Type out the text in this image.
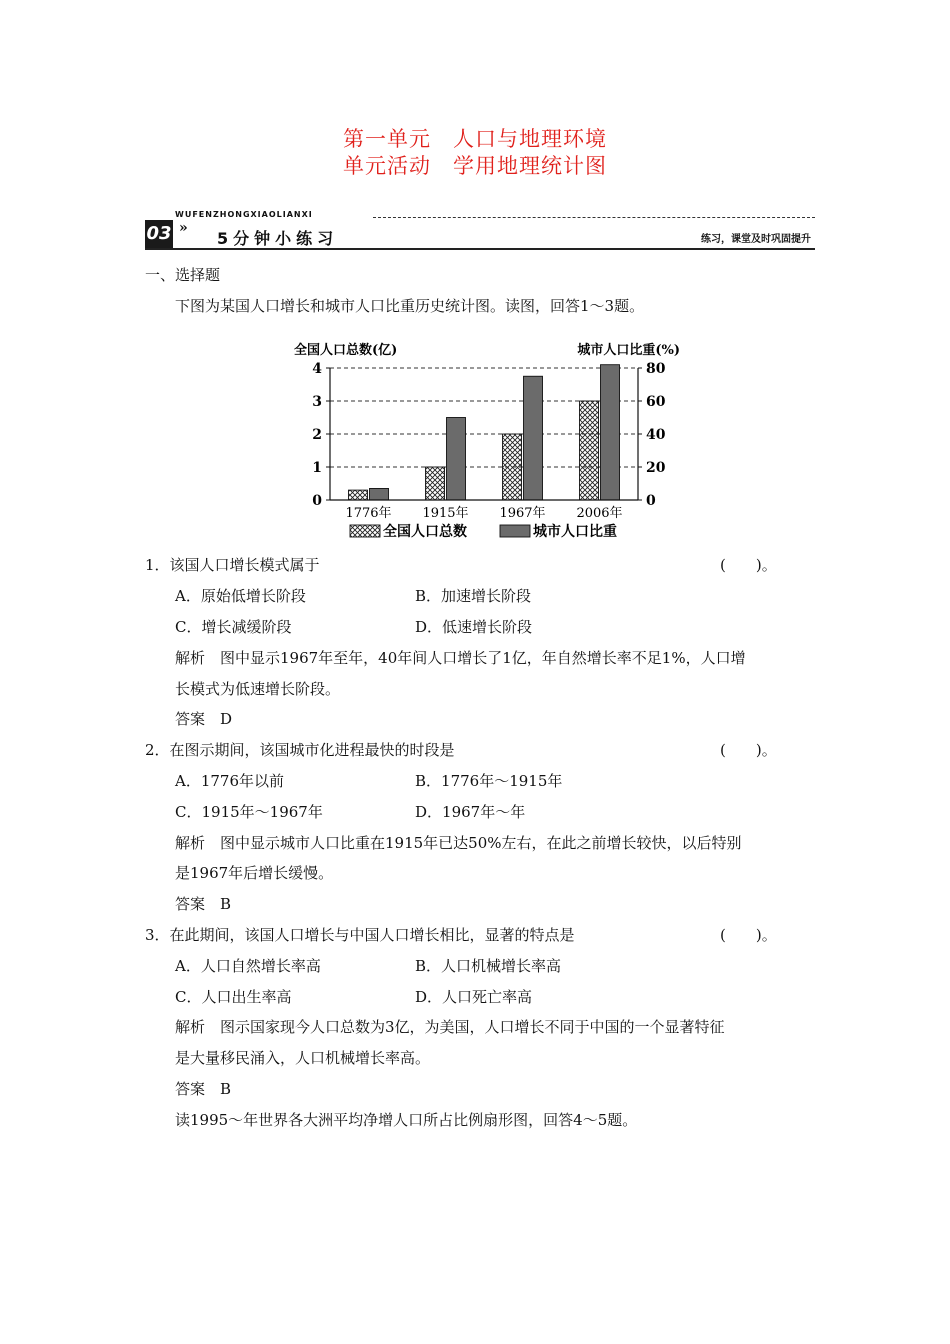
第一单元　人口与地理环境
单元活动　学用地理统计图
WUFENZHONGXIAOLIANXI
03 »
5分钟小练习	练习，课堂及时巩固提升
一、选择题
下图为某国人口增长和城市人口比重历史统计图。读图，回答1～3题。
全国人口总数(亿)	城市人口比重(%)
0
1
2
3
4
0
20
40
60
80
1776年 1915年 1967年 2006年
全国人口总数	城市人口比重
1．该国人口增长模式属于	(　　)。
A．原始低增长阶段	B．加速增长阶段
C．增长减缓阶段	D．低速增长阶段
解析　图中显示1967年至年，40年间人口增长了1亿，年自然增长率不足1%，人口增
长模式为低速增长阶段。
答案　D
2．在图示期间，该国城市化进程最快的时段是	(　　)。
A．1776年以前	B．1776年～1915年
C．1915年～1967年	D．1967年～年
解析　图中显示城市人口比重在1915年已达50%左右，在此之前增长较快，以后特别
是1967年后增长缓慢。
答案　B
3．在此期间，该国人口增长与中国人口增长相比，显著的特点是	(　　)。
A．人口自然增长率高	B．人口机械增长率高
C．人口出生率高	D．人口死亡率高
解析　图示国家现今人口总数为3亿，为美国，人口增长不同于中国的一个显著特征
是大量移民涌入，人口机械增长率高。
答案　B
读1995～年世界各大洲平均净增人口所占比例扇形图，回答4～5题。
